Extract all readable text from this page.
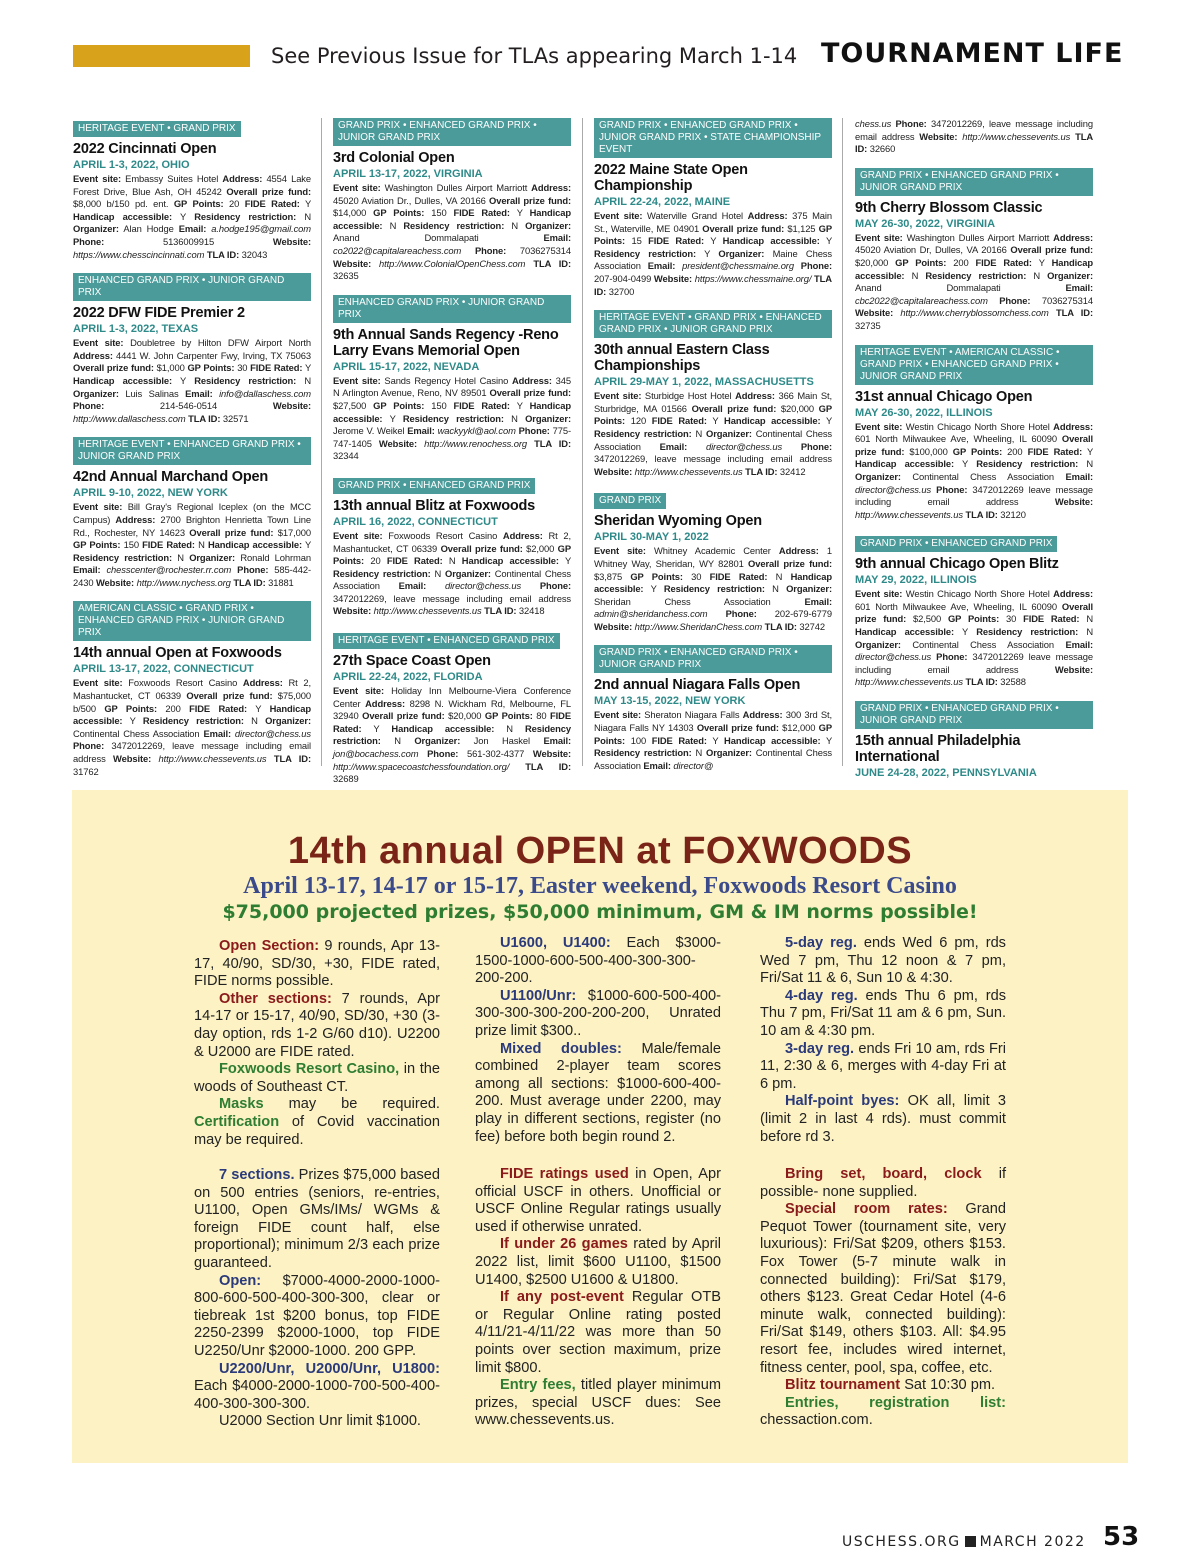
See Previous Issue for TLAs appearing March 1-14 TOURNAMENT LIFE
HERITAGE EVENT • GRAND PRIX
2022 Cincinnati Open
APRIL 1-3, 2022, OHIO
Event site: Embassy Suites Hotel Address: 4554 Lake Forest Drive, Blue Ash, OH 45242 Overall prize fund: $8,000 b/150 pd. ent. GP Points: 20 FIDE Rated: Y Handicap accessible: Y Residency restriction: N Organizer: Alan Hodge Email: a.hodge195@gmail.com Phone: 5136009915 Website: https://www.chesscincinnati.com TLA ID: 32043
ENHANCED GRAND PRIX • JUNIOR GRAND PRIX
2022 DFW FIDE Premier 2
APRIL 1-3, 2022, TEXAS
Event site: Doubletree by Hilton DFW Airport North Address: 4441 W. John Carpenter Fwy, Irving, TX 75063 Overall prize fund: $1,000 GP Points: 30 FIDE Rated: Y Handicap accessible: Y Residency restriction: N Organizer: Luis Salinas Email: info@dallaschess.com Phone: 214-546-0514 Website: http://www.dallaschess.com TLA ID: 32571
HERITAGE EVENT • ENHANCED GRAND PRIX • JUNIOR GRAND PRIX
42nd Annual Marchand Open
APRIL 9-10, 2022, NEW YORK
Event site: Bill Gray's Regional Iceplex (on the MCC Campus) Address: 2700 Brighton Henrietta Town Line Rd., Rochester, NY 14623 Overall prize fund: $17,000 GP Points: 150 FIDE Rated: N Handicap accessible: Y Residency restriction: N Organizer: Ronald Lohrman Email: chesscenter@rochester.rr.com Phone: 585-442-2430 Website: http://www.nychess.org TLA ID: 31881
AMERICAN CLASSIC • GRAND PRIX • ENHANCED GRAND PRIX • JUNIOR GRAND PRIX
14th annual Open at Foxwoods
APRIL 13-17, 2022, CONNECTICUT
Event site: Foxwoods Resort Casino Address: Rt 2, Mashantucket, CT 06339 Overall prize fund: $75,000 b/500 GP Points: 200 FIDE Rated: Y Handicap accessible: Y Residency restriction: N Organizer: Continental Chess Association Email: director@chess.us Phone: 3472012269, leave message including email address Website: http://www.chessevents.us TLA ID: 31762
GRAND PRIX • ENHANCED GRAND PRIX • JUNIOR GRAND PRIX
3rd Colonial Open
APRIL 13-17, 2022, VIRGINIA
Event site: Washington Dulles Airport Marriott Address: 45020 Aviation Dr., Dulles, VA 20166 Overall prize fund: $14,000 GP Points: 150 FIDE Rated: Y Handicap accessible: N Residency restriction: N Organizer: Anand Dommalapati Email: co2022@capitalareachess.com Phone: 7036275314 Website: http://www.ColonialOpenChess.com TLA ID: 32635
ENHANCED GRAND PRIX • JUNIOR GRAND PRIX
9th Annual Sands Regency -Reno Larry Evans Memorial Open
APRIL 15-17, 2022, NEVADA
Event site: Sands Regency Hotel Casino Address: 345 N Arlington Avenue, Reno, NV 89501 Overall prize fund: $27,500 GP Points: 150 FIDE Rated: Y Handicap accessible: Y Residency restriction: N Organizer: Jerome V. Weikel Email: wackyykl@aol.com Phone: 775-747-1405 Website: http://www.renochess.org TLA ID: 32344
GRAND PRIX • ENHANCED GRAND PRIX
13th annual Blitz at Foxwoods
APRIL 16, 2022, CONNECTICUT
Event site: Foxwoods Resort Casino Address: Rt 2, Mashantucket, CT 06339 Overall prize fund: $2,000 GP Points: 20 FIDE Rated: N Handicap accessible: Y Residency restriction: N Organizer: Continental Chess Association Email: director@chess.us Phone: 3472012269, leave message including email address Website: http://www.chessevents.us TLA ID: 32418
HERITAGE EVENT • ENHANCED GRAND PRIX
27th Space Coast Open
APRIL 22-24, 2022, FLORIDA
Event site: Holiday Inn Melbourne-Viera Conference Center Address: 8298 N. Wickham Rd, Melbourne, FL 32940 Overall prize fund: $20,000 GP Points: 80 FIDE Rated: Y Handicap accessible: N Residency restriction: N Organizer: Jon Haskel Email: jon@bocachess.com Phone: 561-302-4377 Website: http://www.spacecoastchessfoundation.org/ TLA ID: 32689
GRAND PRIX • ENHANCED GRAND PRIX • JUNIOR GRAND PRIX • STATE CHAMPIONSHIP EVENT
2022 Maine State Open Championship
APRIL 22-24, 2022, MAINE
Event site: Waterville Grand Hotel Address: 375 Main St., Waterville, ME 04901 Overall prize fund: $1,125 GP Points: 15 FIDE Rated: Y Handicap accessible: Y Residency restriction: Y Organizer: Maine Chess Association Email: president@chessmaine.org Phone: 207-904-0499 Website: https://www.chessmaine.org/ TLA ID: 32700
HERITAGE EVENT • GRAND PRIX • ENHANCED GRAND PRIX • JUNIOR GRAND PRIX
30th annual Eastern Class Championships
APRIL 29-MAY 1, 2022, MASSACHUSETTS
Event site: Sturbidge Host Hotel Address: 366 Main St, Sturbridge, MA 01566 Overall prize fund: $20,000 GP Points: 120 FIDE Rated: Y Handicap accessible: Y Residency restriction: N Organizer: Continental Chess Association Email: director@chess.us Phone: 3472012269, leave message including email address Website: http://www.chessevents.us TLA ID: 32412
GRAND PRIX
Sheridan Wyoming Open
APRIL 30-MAY 1, 2022
Event site: Whitney Academic Center Address: 1 Whitney Way, Sheridan, WY 82801 Overall prize fund: $3,875 GP Points: 30 FIDE Rated: N Handicap accessible: Y Residency restriction: N Organizer: Sheridan Chess Association Email: admin@sheridanchess.com Phone: 202-679-6779 Website: http://www.SheridanChess.com TLA ID: 32742
GRAND PRIX • ENHANCED GRAND PRIX • JUNIOR GRAND PRIX
2nd annual Niagara Falls Open
MAY 13-15, 2022, NEW YORK
Event site: Sheraton Niagara Falls Address: 300 3rd St, Niagara Falls NY 14303 Overall prize fund: $12,000 GP Points: 100 FIDE Rated: Y Handicap accessible: Y Residency restriction: N Organizer: Continental Chess Association Email: director@
chess.us Phone: 3472012269, leave message including email address Website: http://www.chessevents.us TLA ID: 32660
GRAND PRIX • ENHANCED GRAND PRIX • JUNIOR GRAND PRIX
9th Cherry Blossom Classic
MAY 26-30, 2022, VIRGINIA
Event site: Washington Dulles Airport Marriott Address: 45020 Aviation Dr, Dulles, VA 20166 Overall prize fund: $20,000 GP Points: 200 FIDE Rated: Y Handicap accessible: N Residency restriction: N Organizer: Anand Dommalapati Email: cbc2022@capitalareachess.com Phone: 7036275314 Website: http://www.cherryblossomchess.com TLA ID: 32735
HERITAGE EVENT • AMERICAN CLASSIC • GRAND PRIX • ENHANCED GRAND PRIX • JUNIOR GRAND PRIX
31st annual Chicago Open
MAY 26-30, 2022, ILLINOIS
Event site: Westin Chicago North Shore Hotel Address: 601 North Milwaukee Ave, Wheeling, IL 60090 Overall prize fund: $100,000 GP Points: 200 FIDE Rated: Y Handicap accessible: Y Residency restriction: N Organizer: Continental Chess Association Email: director@chess.us Phone: 3472012269 leave message including email address Website: http://www.chessevents.us TLA ID: 32120
GRAND PRIX • ENHANCED GRAND PRIX
9th annual Chicago Open Blitz
MAY 29, 2022, ILLINOIS
Event site: Westin Chicago North Shore Hotel Address: 601 North Milwaukee Ave, Wheeling, IL 60090 Overall prize fund: $2,500 GP Points: 30 FIDE Rated: N Handicap accessible: Y Residency restriction: N Organizer: Continental Chess Association Email: director@chess.us Phone: 3472012269 leave message including email address Website: http://www.chessevents.us TLA ID: 32588
GRAND PRIX • ENHANCED GRAND PRIX • JUNIOR GRAND PRIX
15th annual Philadelphia International
JUNE 24-28, 2022, PENNSYLVANIA
14th annual OPEN at FOXWOODS
April 13-17, 14-17 or 15-17, Easter weekend, Foxwoods Resort Casino
$75,000 projected prizes, $50,000 minimum, GM & IM norms possible!

Open Section: 9 rounds, Apr 13-17, 40/90, SD/30, +30, FIDE rated, FIDE norms possible.

Other sections: 7 rounds, Apr 14-17 or 15-17, 40/90, SD/30, +30 (3-day option, rds 1-2 G/60 d10). U2200 & U2000 are FIDE rated.

Foxwoods Resort Casino, in the woods of Southeast CT.

Masks may be required. Certification of Covid vaccination may be required.

7 sections. Prizes $75,000 based on 500 entries (seniors, re-entries, U1100, Open GMs/IMs/ WGMs & foreign FIDE count half, else proportional); minimum 2/3 each prize guaranteed.

Open: $7000-4000-2000-1000-800-600-500-400-300-300, clear or tiebreak 1st $200 bonus, top FIDE 2250-2399 $2000-1000, top FIDE U2250/Unr $2000-1000. 200 GPP.

U2200/Unr, U2000/Unr, U1800: Each $4000-2000-1000-700-500-400-400-300-300-300.

U2000 Section Unr limit $1000.

U1600, U1400: Each $3000-1500-1000-600-500-400-300-300-200-200.

U1100/Unr: $1000-600-500-400-300-300-300-200-200-200, Unrated prize limit $300..

Mixed doubles: Male/female combined 2-player team scores among all sections: $1000-600-400-200. Must average under 2200, may play in different sections, register (no fee) before both begin round 2.

FIDE ratings used in Open, Apr official USCF in others. Unofficial or USCF Online Regular ratings usually used if otherwise unrated.

If under 26 games rated by April 2022 list, limit $600 U1100, $1500 U1400, $2500 U1600 & U1800.

If any post-event Regular OTB or Regular Online rating posted 4/11/21-4/11/22 was more than 50 points over section maximum, prize limit $800.

Entry fees, titled player minimum prizes, special USCF dues: See www.chessevents.us.

5-day reg. ends Wed 6 pm, rds Wed 7 pm, Thu 12 noon & 7 pm, Fri/Sat 11 & 6, Sun 10 & 4:30.

4-day reg. ends Thu 6 pm, rds Thu 7 pm, Fri/Sat 11 am & 6 pm, Sun. 10 am & 4:30 pm.

3-day reg. ends Fri 10 am, rds Fri 11, 2:30 & 6, merges with 4-day Fri at 6 pm.

Half-point byes: OK all, limit 3 (limit 2 in last 4 rds). must commit before rd 3.

Bring set, board, clock if possible- none supplied.

Special room rates: Grand Pequot Tower (tournament site, very luxurious): Fri/Sat $209, others $153. Fox Tower (5-7 minute walk in connected building): Fri/Sat $179, others $123. Great Cedar Hotel (4-6 minute walk, connected building): Fri/Sat $149, others $103. All: $4.95 resort fee, includes wired internet, fitness center, pool, spa, coffee, etc.

Blitz tournament Sat 10:30 pm.

Entries, registration list: chessaction.com.

USCHESS.ORG MARCH 2022 53
